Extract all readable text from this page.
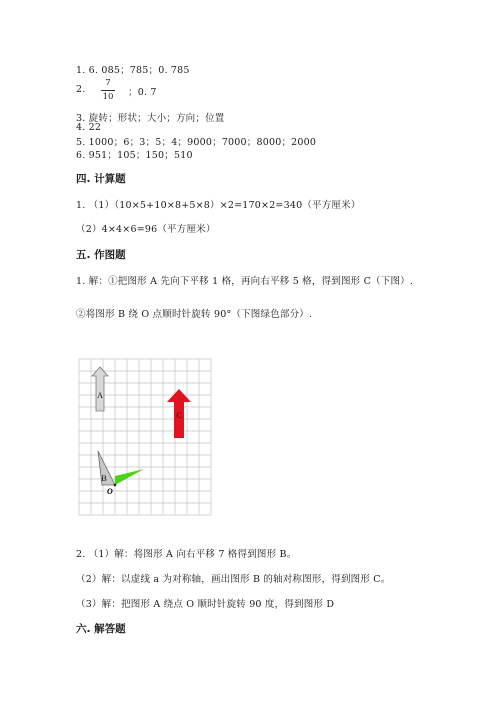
1. 6. 085；785；0. 785
2.
7
10 ；0. 7
3. 旋转；形状；大小；方向；位置
4. 22
5. 1000；6；3；5；4；9000；7000；8000；2000
6. 951；105；150；510
四. 计算题
1. （1）（10×5+10×8+5×8）×2=170×2=340（平方厘米）
（2）4×4×6=96（平方厘米）
五. 作图题
1. 解：①把图形 A 先向下平移 1 格，再向右平移 5 格，得到图形 C（下图）.
②将图形 B 绕 O 点顺时针旋转 90°（下图绿色部分）.
A
C
B
O
2. （1）解：将图形 A 向右平移 7 格得到图形 B。
（2）解：以虚线 a 为对称轴，画出图形 B 的轴对称图形，得到图形 C。
（3）解：把图形 A 绕点 O 顺时针旋转 90 度，得到图形 D
六. 解答题
